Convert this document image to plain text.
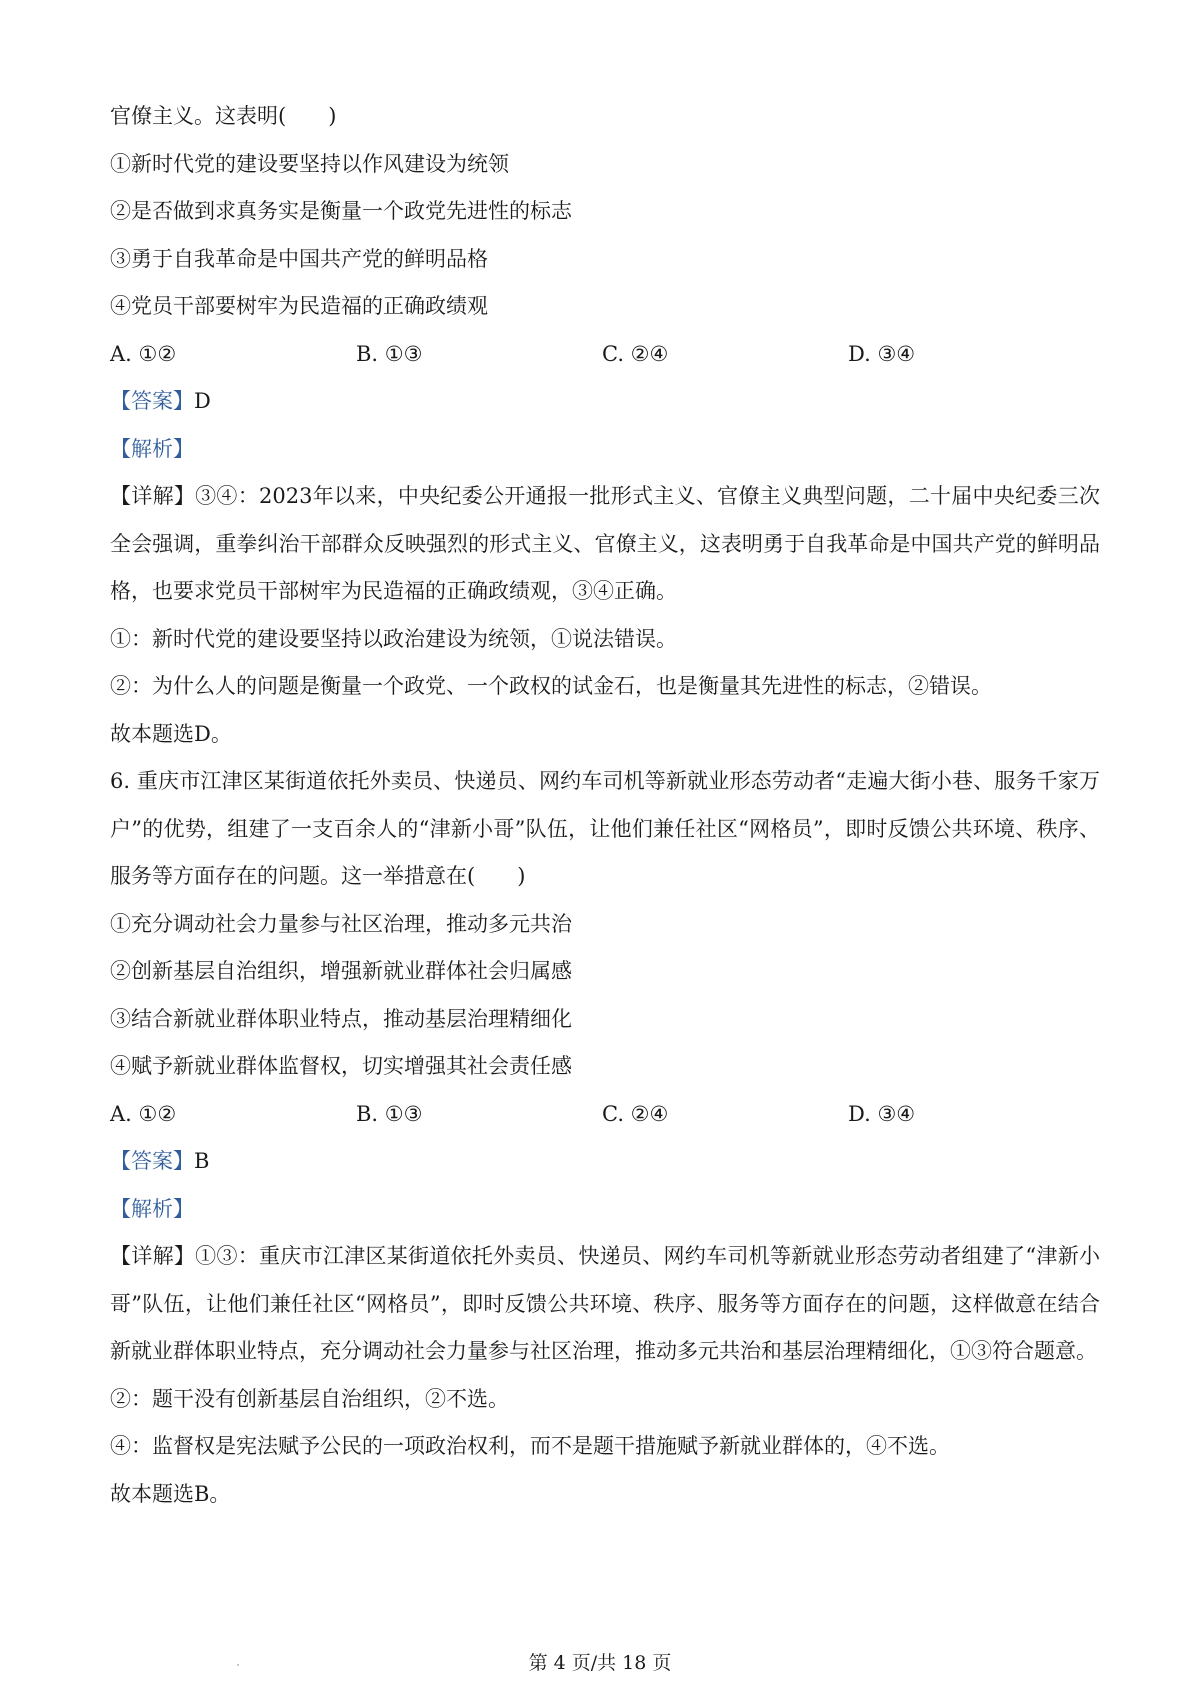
官僚主义。这表明(　　)
①新时代党的建设要坚持以作风建设为统领
②是否做到求真务实是衡量一个政党先进性的标志
③勇于自我革命是中国共产党的鲜明品格
④党员干部要树牢为民造福的正确政绩观
A. ①②	B. ①③	C. ②④	D. ③④
【答案】D
【解析】
【详解】③④：2023年以来，中央纪委公开通报一批形式主义、官僚主义典型问题，二十届中央纪委三次全会强调，重拳纠治干部群众反映强烈的形式主义、官僚主义，这表明勇于自我革命是中国共产党的鲜明品格，也要求党员干部树牢为民造福的正确政绩观，③④正确。
①：新时代党的建设要坚持以政治建设为统领，①说法错误。
②：为什么人的问题是衡量一个政党、一个政权的试金石，也是衡量其先进性的标志，②错误。
故本题选D。
6. 重庆市江津区某街道依托外卖员、快递员、网约车司机等新就业形态劳动者“走遍大街小巷、服务千家万户”的优势，组建了一支百余人的“津新小哥”队伍，让他们兼任社区“网格员”，即时反馈公共环境、秩序、服务等方面存在的问题。这一举措意在(　　)
①充分调动社会力量参与社区治理，推动多元共治
②创新基层自治组织，增强新就业群体社会归属感
③结合新就业群体职业特点，推动基层治理精细化
④赋予新就业群体监督权，切实增强其社会责任感
A. ①②	B. ①③	C. ②④	D. ③④
【答案】B
【解析】
【详解】①③：重庆市江津区某街道依托外卖员、快递员、网约车司机等新就业形态劳动者组建了“津新小哥”队伍，让他们兼任社区“网格员”，即时反馈公共环境、秩序、服务等方面存在的问题，这样做意在结合新就业群体职业特点，充分调动社会力量参与社区治理，推动多元共治和基层治理精细化，①③符合题意。
②：题干没有创新基层自治组织，②不选。
④：监督权是宪法赋予公民的一项政治权利，而不是题干措施赋予新就业群体的，④不选。
故本题选B。
第 4 页/共 18 页
